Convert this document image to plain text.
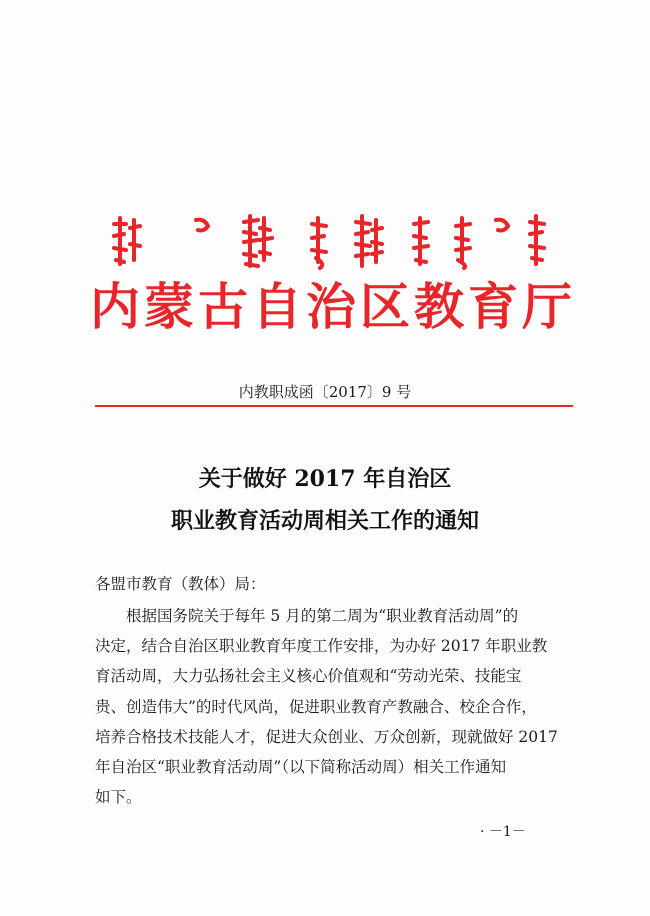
内蒙古自治区教育厅
内教职成函〔2017〕9 号
关于做好 2017 年自治区
职业教育活动周相关工作的通知
各盟市教育（教体）局：
　　根据国务院关于每年 5 月的第二周为“职业教育活动周”的
决定，结合自治区职业教育年度工作安排，为办好 2017 年职业教
育活动周，大力弘扬社会主义核心价值观和“劳动光荣、技能宝
贵、创造伟大”的时代风尚，促进职业教育产教融合、校企合作，
培养合格技术技能人才，促进大众创业、万众创新，现就做好 2017
年自治区“职业教育活动周”（以下简称活动周）相关工作通知
如下。
· －1－
